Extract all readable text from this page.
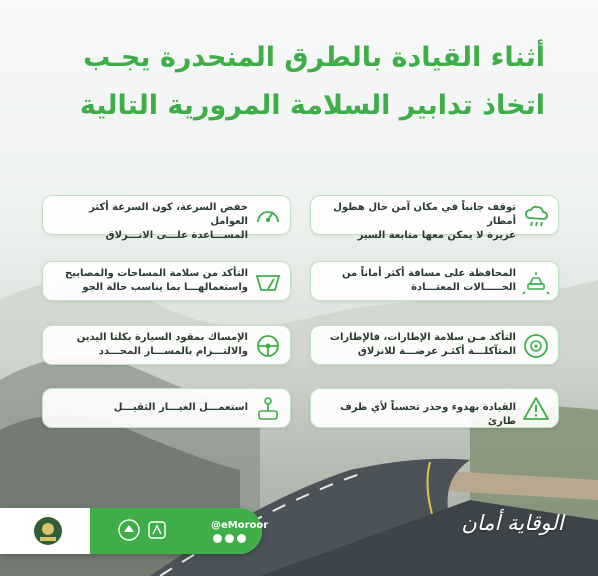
أثناء القيادة بالطرق المنحدرة يجـب
اتخاذ تدابير السلامة المرورية التالية
توقف جانباً في مكان آمن حال هطول أمطار
غزيرة لا يمكن معها متابعة السير
خفض السرعة، كون السرعة أكثر العوامل
المســـاعدة علـــى الانـــزلاق
المحافظة على مسافة أكثر أماناً من
الحـــــالات المعتـــادة
التأكد من سلامة المساحات والمصابيح
واستعمالهـــا بما يناسب حالة الجو
التأكد مـن سلامة الإطارات، فالإطارات
المتآكلـــة أكثـر عرضـــة للانزلاق
الإمساك بمقود السيارة بكلتا اليدين
والالتـــزام بالمســـار المحـــدد
القيادة بهدوء وحذر تحسباً لأي ظرف طارئ
استعمـــل الغيـــار الثقيـــل
@eMoroor	الوقاية أمان
